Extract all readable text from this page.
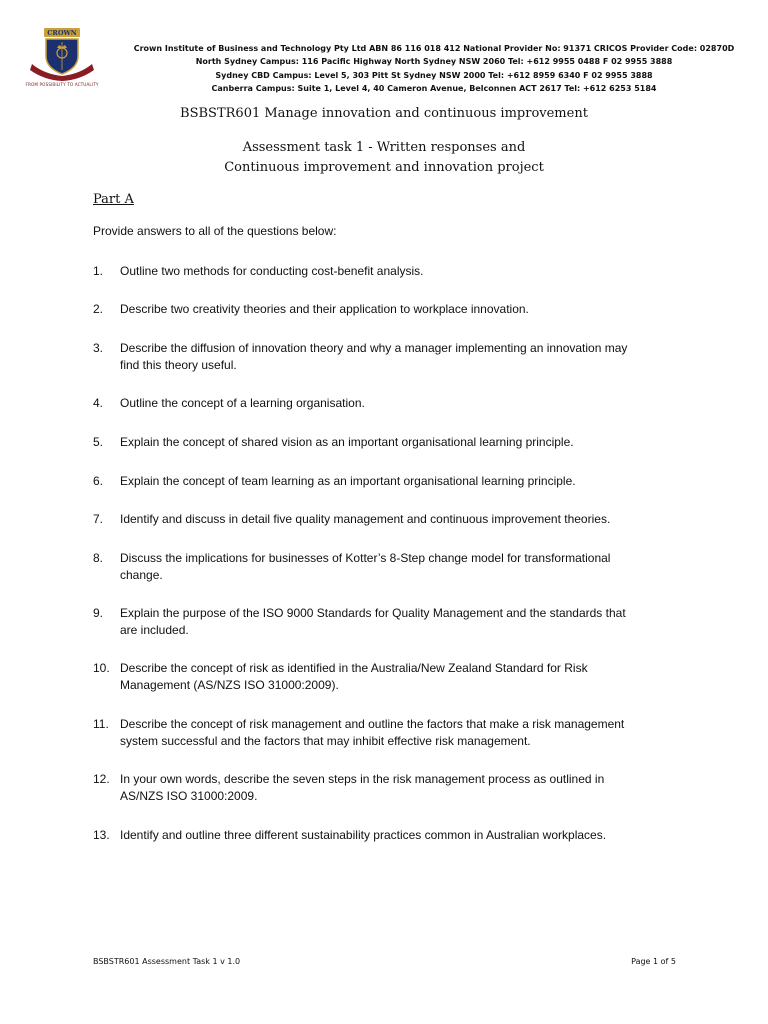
CROWN
FROM POSSIBILITY TO ACTUALITY
Crown Institute of Business and Technology Pty Ltd ABN 86 116 018 412 National Provider No: 91371 CRICOS Provider Code: 02870D
North Sydney Campus: 116 Pacific Highway North Sydney NSW 2060 Tel: +612 9955 0488 F 02 9955 3888
Sydney CBD Campus: Level 5, 303 Pitt St Sydney NSW 2000 Tel: +612 8959 6340 F 02 9955 3888
Canberra Campus: Suite 1, Level 4, 40 Cameron Avenue, Belconnen ACT 2617 Tel: +612 6253 5184
BSBSTR601 Manage innovation and continuous improvement
Assessment task 1 - Written responses and
Continuous improvement and innovation project
Part A
Provide answers to all of the questions below:
1.	Outline two methods for conducting cost-benefit analysis.
2.	Describe two creativity theories and their application to workplace innovation.
3.	Describe the diffusion of innovation theory and why a manager implementing an innovation may
find this theory useful.
4.	Outline the concept of a learning organisation.
5.	Explain the concept of shared vision as an important organisational learning principle.
6.	Explain the concept of team learning as an important organisational learning principle.
7.	Identify and discuss in detail five quality management and continuous improvement theories.
8.	Discuss the implications for businesses of Kotter’s 8-Step change model for transformational
change.
9.	Explain the purpose of the ISO 9000 Standards for Quality Management and the standards that
are included.
10. Describe the concept of risk as identified in the Australia/New Zealand Standard for Risk
Management (AS/NZS ISO 31000:2009).
11. Describe the concept of risk management and outline the factors that make a risk management
system successful and the factors that may inhibit effective risk management.
12. In your own words, describe the seven steps in the risk management process as outlined in
AS/NZS ISO 31000:2009.
13. Identify and outline three different sustainability practices common in Australian workplaces.
BSBSTR601 Assessment Task 1 v 1.0	Page 1 of 5
